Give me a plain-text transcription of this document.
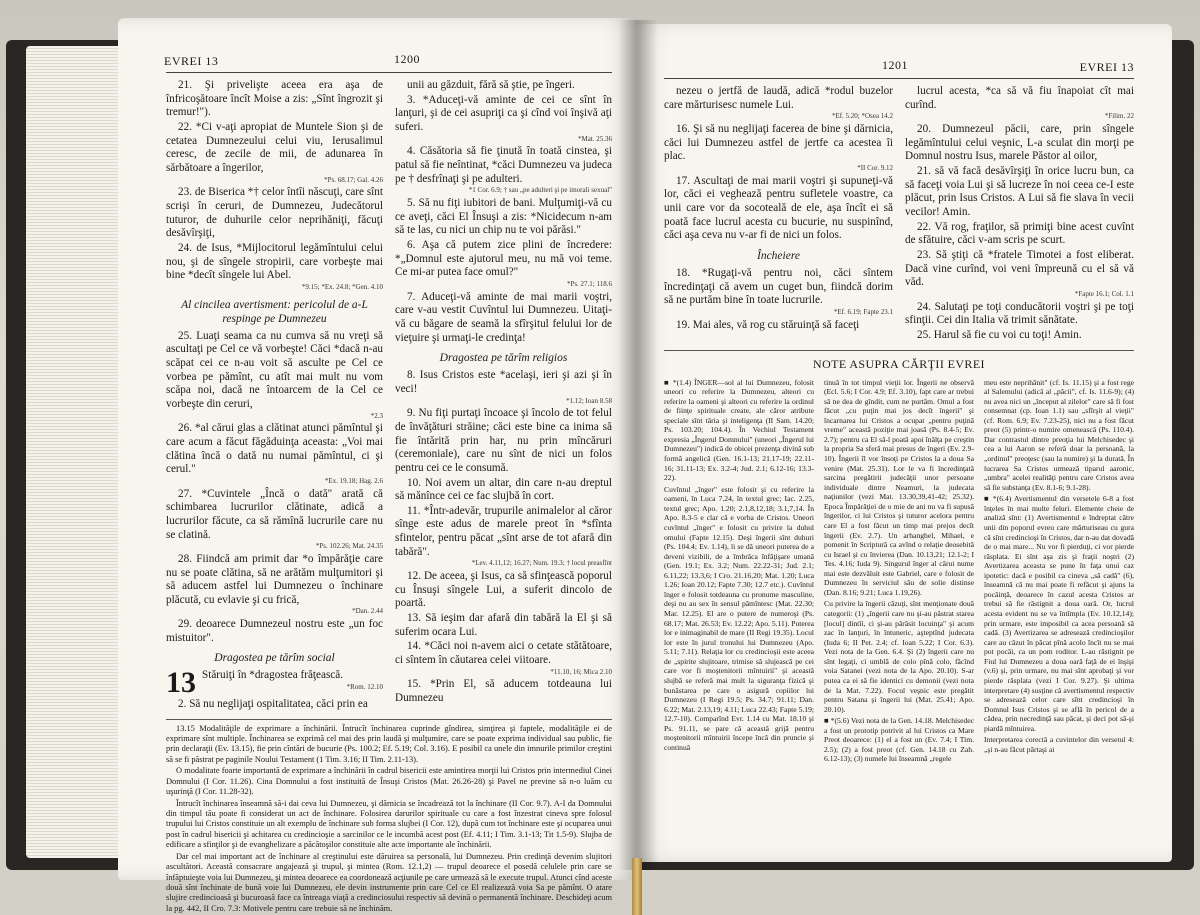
EVREI 13	1200
21. Şi privelişte aceea era aşa de înfricoşătoare încît Moise a zis: „Sînt îngrozit şi tremur!").
22. *Ci v-aţi apropiat de Muntele Sion şi de cetatea Dumnezeului celui viu, Ierusalimul ceresc, de zecile de mii, de adunarea în sărbătoare a îngerilor,
*Ps. 68.17; Gal. 4.26
23. de Biserica *† celor întîi născuţi, care sînt scrişi în ceruri, de Dumnezeu, Judecătorul tuturor, de duhurile celor neprihăniţi, făcuţi desăvîrşiţi,
24. de Isus, *Mijlocitorul legămîntului celui nou, şi de sîngele stropirii, care vorbeşte mai bine *decît sîngele lui Abel.
*9.15; *Ex. 24.8; *Gen. 4.10
Al cincilea avertisment: pericolul de a-L respinge pe Dumnezeu
25. Luaţi seama ca nu cumva să nu vreţi să ascultaţi pe Cel ce vă vorbeşte! Căci *dacă n-au scăpat cei ce n-au voit să asculte pe Cel ce vorbea pe pămînt, cu atît mai mult nu vom scăpa noi, dacă ne întoarcem de la Cel ce vorbeşte din ceruri,
*2.3
26. *al cărui glas a clătinat atunci pămîntul şi care acum a făcut făgăduinţa aceasta: „Voi mai clătina încă o dată nu numai pămîntul, ci şi cerul."
*Ex. 19.18; Hag. 2.6
27. *Cuvintele „Încă o dată" arată că schimbarea lucrurilor clătinate, adică a lucrurilor făcute, ca să rămînă lucrurile care nu se clatină.
*Ps. 102.26; Mat. 24.35
28. Fiindcă am primit dar *o împărăţie care nu se poate clătina, să ne arătăm mulţumitori şi să aducem astfel lui Dumnezeu o închinare plăcută, cu evlavie şi cu frică,
*Dan. 2.44
29. deoarece Dumnezeul nostru este „un foc mistuitor".
Dragostea pe tărîm social
13 Stăruiţi în *dragostea frăţească.
*Rom. 12.10
2. Să nu neglijaţi ospitalitatea, căci prin ea
unii au găzduit, fără să ştie, pe îngeri.
3. *Aduceţi-vă aminte de cei ce sînt în lanţuri, şi de cei asupriţi ca şi cînd voi înşivă aţi suferi.
*Mat. 25.36
4. Căsătoria să fie ţinută în toată cinstea, şi patul să fie neîntinat, *căci Dumnezeu va judeca pe † desfrînaţi şi pe adulteri.
*1 Cor. 6.9; † sau „pe adulteri şi pe imorali sexual"
5. Să nu fiţi iubitori de bani. Mulţumiţi-vă cu ce aveţi, căci El Însuşi a zis: *Nicidecum n-am să te las, cu nici un chip nu te voi părăsi."
6. Aşa că putem zice plini de încredere: *„Domnul este ajutorul meu, nu mă voi teme. Ce mi-ar putea face omul?"
*Ps. 27.1; 118.6
7. Aduceţi-vă aminte de mai marii voştri, care v-au vestit Cuvîntul lui Dumnezeu. Uitaţi-vă cu băgare de seamă la sfîrşitul felului lor de vieţuire şi urmaţi-le credinţa!
Dragostea pe tărîm religios
8. Isus Cristos este *acelaşi, ieri şi azi şi în veci!
*1.12; Ioan 8.58
9. Nu fiţi purtaţi încoace şi încolo de tot felul de învăţături străine; căci este bine ca inima să fie întărită prin har, nu prin mîncăruri (ceremoniale), care nu sînt de nici un folos pentru cei ce le consumă.
10. Noi avem un altar, din care n-au dreptul să mănînce cei ce fac slujbă în cort.
11. *Într-adevăr, trupurile animalelor al căror sînge este adus de marele preot în *sfînta sfintelor, pentru păcat „sînt arse de tot afară din tabără".
*Lev. 4.11,12; 16.27; Num. 19.3; † locul preasfînt
12. De aceea, şi Isus, ca să sfinţească poporul cu Însuşi sîngele Lui, a suferit dincolo de poartă.
13. Să ieşim dar afară din tabără la El şi să suferim ocara Lui.
14. *Căci noi n-avem aici o cetate stătătoare, ci sîntem în căutarea celei viitoare.
*11.10, 16; Mica 2.10
15. *Prin El, să aducem totdeauna lui Dumnezeu

13.15 Modalităţile de exprimare a închinării. Întrucît închinarea cuprinde gîndirea, simţirea şi faptele, modalităţile ei de exprimare sînt multiple. Închinarea se exprimă cel mai des prin laudă şi mulţumire, care se poate exprima individual sau public, fie prin declaraţii (Ev. 13.15), fie prin cîntări de bucurie (Ps. 100.2; Ef. 5.19; Col. 3.16). E posibil ca unele din imnurile primilor creştini să se fi păstrat pe paginile Noului Testament (1 Tim. 3.16; II Tim. 2.11-13).

O modalitate foarte importantă de exprimare a închinării în cadrul bisericii este amintirea morţii lui Cristos prin intermediul Cinei Domnului (I Cor. 11.26). Cina Domnului a fost instituită de Însuşi Cristos (Mat. 26.26-28) şi Pavel ne previne să n-o luăm cu uşurinţă (I Cor. 11.28-32).

Întrucît închinarea înseamnă să-i dai ceva lui Dumnezeu, şi dărnicia se încadrează tot la închinare (II Cor. 9.7). A-I da Domnului din timpul tău poate fi considerat un act de închinare. Folosirea darurilor spirituale cu care a fost înzestrat cineva spre folosul trupului lui Cristos constituie un alt exemplu de închinare sub forma slujbei (I Cor. 12), după cum tot închinare este şi ocuparea unui post în cadrul bisericii şi achitarea cu credincioşie a sarcinilor ce le incumbă acest post (Ef. 4.11; I Tim. 3.1-13; Tit 1.5-9). Slujba de edificare a sfinţilor şi de evanghelizare a păcătoşilor constituie alte acte importante ale închinării.

Dar cel mai important act de închinare al creştinului este dăruirea sa personală, lui Dumnezeu. Prin credinţă devenim slujitori ascultători. Această consacrare angajează şi trupul, şi mintea (Rom. 12.1,2) — trupul deoarece el posedă celulele prin care se înfăptuieşte voia lui Dumnezeu, şi mintea deoarece ea coordonează acţiunile pe care urmează să le execute trupul. Atunci cînd aceste două sînt închinate de bună voie lui Dumnezeu, ele devin instrumente prin care Cel ce El realizează voia Sa pe pămînt. O atare slujire credincioasă şi bucuroasă face ca întreaga viaţă a credinciosului respectiv să devină o permanentă închinare. Deschideţi acum la pg. 442, II Cro. 7.3: Motivele pentru care trebuie să ne închinăm.

1201	EVREI 13
nezeu o jertfă de laudă, adică *rodul buzelor care mărturisesc numele Lui.
*Ef. 5.20; *Osea 14.2
16. Şi să nu neglijaţi facerea de bine şi dărnicia, căci lui Dumnezeu astfel de jertfe ca acestea îi plac.
*II Cor. 9.12
17. Ascultaţi de mai marii voştri şi supuneţi-vă lor, căci ei veghează pentru sufletele voastre, ca unii care vor da socoteală de ele, aşa încît ei să poată face lucrul acesta cu bucurie, nu suspinînd, căci aşa ceva nu v-ar fi de nici un folos.
Încheiere
18. *Rugaţi-vă pentru noi, căci sîntem încredinţaţi că avem un cuget bun, fiindcă dorim să ne purtăm bine în toate lucrurile.
*Ef. 6.19; Fapte 23.1
19. Mai ales, vă rog cu stăruinţă să faceţi
lucrul acesta, *ca să vă fiu înapoiat cît mai curînd.
*Filim. 22
20. Dumnezeul păcii, care, prin sîngele legămîntului celui veşnic, L-a sculat din morţi pe Domnul nostru Isus, marele Păstor al oilor,
21. să vă facă desăvîrşiţi în orice lucru bun, ca să faceţi voia Lui şi să lucreze în noi ceea ce-I este plăcut, prin Isus Cristos. A Lui să fie slava în vecii vecilor! Amin.
22. Vă rog, fraţilor, să primiţi bine acest cuvînt de sfătuire, căci v-am scris pe scurt.
23. Să ştiţi că *fratele Timotei a fost eliberat. Dacă vine curînd, voi veni împreună cu el să vă văd.
*Fapte 16.1; Col. 1.1
24. Salutaţi pe toţi conducătorii voştri şi pe toţi sfinţii. Cei din Italia vă trimit sănătate.
25. Harul să fie cu voi cu toţi! Amin.
NOTE ASUPRA CĂRŢII EVREI

■ *(1.4) ÎNGER—sol al lui Dumnezeu, folosit uneori cu referire la Dumnezeu, alteori cu referire la oameni şi alteori cu referire la ordinul de fiinţe spirituale create, ale căror atribute speciale sînt tăria şi inteligenţa (II Sam. 14.20; Ps. 103.20; 104.4). În Vechiul Testament expresia „Îngerul Domnului" (uneori „Îngerul lui Dumnezeu") indică de obicei prezenţa divină sub formă angelică (Gen. 16.1-13; 21.17-19; 22.11-16; 31.11-13; Ex. 3.2-4; Jud. 2.1; 6.12-16; 13.3-22).

Cuvîntul „înger" este folosit şi cu referire la oameni, în Luca 7.24, în textul grec; Iac. 2.25, textul grec; Apo. 1.20; 2.1,8,12,18; 3.1,7,14. În Apo. 8.3-5 e clar că e vorba de Cristos. Uneori cuvîntul „înger" e folosit cu privire la duhul omului (Fapte 12.15). Deşi îngerii sînt duhuri (Ps. 104.4; Ev. 1.14), li se dă uneori puterea de a deveni vizibili, de a îmbrăca înfăţişare umană (Gen. 19.1; Ex. 3.2; Num. 22.22-31; Jud. 2.1; 6.11,22; 13.3,6; I Cro. 21.16,20; Mat. 1.20; Luca 1.26; Ioan 20.12; Fapte 7.30; 12.7 etc.). Cuvîntul înger e folosit totdeauna cu pronume masculine, deşi nu au sex în sensul pămîntesc (Mat. 22.30; Mar. 12.25). El are o putere de numeroşi (Ps. 68.17; Mat. 26.53; Ev. 12.22; Apo. 5.11). Puterea lor e inimaginabil de mare (II Regi 19.35). Locul lor este în jurul tronului lui Dumnezeu (Apo. 5.11; 7.11). Relaţia lor cu credincioşii este aceea de „spirite slujitoare, trimise să slujească pe cei care vor fi moştenitorii mîntuirii" şi această slujbă se referă mai mult la siguranţa fizică şi bunăstarea pe care o asigură copiilor lui Dumnezeu (I Regi 19.5; Ps. 34.7; 91.11; Dan. 6.22; Mat. 2.13,19; 4.11; Luca 22.43; Fapte 5.19; 12.7-10). Comparînd Evr. 1.14 cu Mat. 18.10 şi Ps. 91.11, se pare că această grijă pentru moştenitorii mîntuirii începe încă din pruncie şi continuă

tinuă în tot timpul vieţii lor. Îngerii ne observă (Ecl. 5.6; I Cor. 4.9; Ef. 3.10), fapt care ar trebui să ne dea de gîndit, cum ne purtăm. Omul a fost făcut „cu puţin mai jos decît îngerii" şi încarnarea lui Cristos a ocupat „pentru puţină vreme" această poziţie mai joasă (Ps. 8.4-5; Ev. 2.7); pentru ca El să-l poată apoi înălţa pe creştin la propria Sa sferă mai presus de îngeri (Ev. 2.9-10). Îngerii îl vor însoţi pe Cristos la a doua Sa venire (Mat. 25.31). Lor le va fi încredinţată sarcina pregătirii judecăţii unor persoane individuale dintre Neamuri, la judecata naţiunilor (vezi Mat. 13.30,39,41-42; 25.32). Epoca Împărăţiei de o mie de ani nu va fi supusă îngerilor, ci lui Cristos şi tuturor acelora pentru care El a fost făcut un timp mai prejos decît îngerii (Ev. 2.7). Un arhanghel, Mihael, e pomenit în Scriptură ca avînd o relaţie deosebită cu Israel şi cu învierea (Dan. 10.13,21; 12.1-2; I Tes. 4.16; Iuda 9). Singurul înger al cărui nume mai este dezvăluit este Gabriel, care e folosit de Dumnezeu în serviciul său de solie distinse (Dan. 8.16; 9.21; Luca 1.19,26).

Cu privire la îngerii căzuţi, sînt menţionate două categorii: (1) „îngerii care nu şi-au păstrat starea [locul] dintîi, ci şi-au părăsit locuinţa" şi acum zac în lanţuri, în întuneric, aşteptînd judecata (Iuda 6; II Pet. 2.4; cf. Ioan 5.22; I Cor. 6.3). Vezi nota de la Gen. 6.4. Şi (2) îngerii care nu sînt legaţi, ci umblă de colo pînă colo, făcînd voia Satanei (vezi nota de la Apo. 20.10). S-ar putea ca ei să fie identici cu demonii (vezi nota de la Mat. 7.22). Focul veşnic este pregătit pentru Satana şi îngerii lui (Mat. 25.41; Apo. 20.10).

■ *(5.6) Vezi nota de la Gen. 14.18. Melchisedec a fost un prototip potrivit al lui Cristos ca Mare Preot deoarece: (1) el a fost un (Ev. 7.4; I Tim. 2.5); (2) a fost preot (cf. Gen. 14.18 cu Zah. 6.12-13); (3) numele lui înseamnă „regele

meu este neprihănit" (cf. Is. 11.15) şi a fost rege al Salemului (adică al „păcii", cf. Is. 11.6-9); (4) nu avea nici un „început al zilelor" care să fi fost consemnat (cp. Ioan 1.1) sau „sfîrşit al vieţii" (cf. Rom. 6.9; Ev. 7.23-25), nici nu a fost făcut preot (5) printr-o numire omenească (Ps. 110.4). Dar contrastul dintre preoţia lui Melchisedec şi cea a lui Aaron se referă doar la persoană, la „ordinul" preoţesc (sau la numire) şi la durată. În lucrarea Sa Cristos urmează tiparul aaronic, „umbra" acelei realităţi pentru care Cristos avea să fie substanţa (Ev. 8.1-6; 9.1-28).

■ *(6.4) Avertismentul din versetele 6-8 a fost înţeles în mai multe feluri. Elemente cheie de analiză sînt: (1) Avertismentul e îndreptat către unii din poporul evreu care mărturiseau cu gura că sînt credincioşi în Cristos, dar n-au dat dovadă de o mai mare... Nu vor fi pierduţi, ci vor pierde răsplata. Ei sînt aşa zis şi fraţii noştri (2) Avertizarea aceasta se pune în faţa unui caz ipotetic: dacă e posibil ca cineva „să cadă" (6), înseamnă că nu mai poate fi refăcut şi ajuns la pocăinţă, deoarece în cazul acesta Cristos ar trebui să fie răstignit a doua oară. Or, lucrul acesta evident nu se va întîmpla (Ev. 10.12,14); prin urmare, este imposibil ca acea persoană să cadă. (3) Avertizarea se adresează credincioşilor care au căzut în păcat pînă acolo încît nu se mai pot pocăi, ca un pom roditor. L-au răstignit pe Fiul lui Dumnezeu a doua oară faţă de ei înşişi (v.6) şi, prin urmare, nu mai sînt aprobaţi şi vor pierde răsplata (vezi I Cor. 9.27). Şi ultima interpretare (4) susţine că avertismentul respectiv se adresează celor care sînt credincioşi în Domnul Isus Cristos şi se află în pericol de a cădea, prin necredinţă sau păcat, şi deci pot să-şi piardă mîntuirea.

Interpretarea corectă a cuvintelor din versetul 4: „şi n-au făcut părtaşi ai
